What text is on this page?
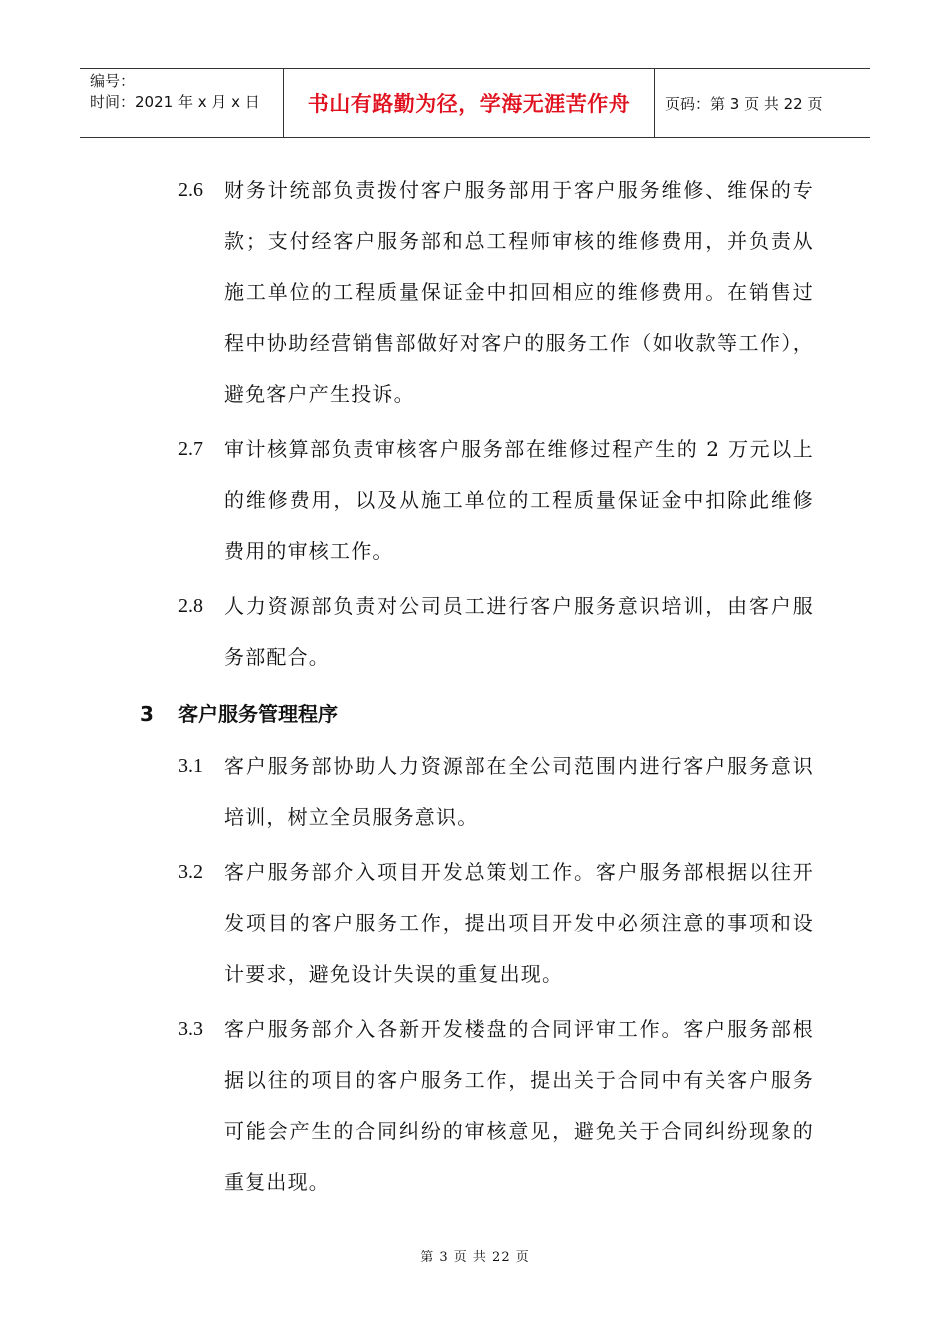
编号：
时间：2021 年 x 月 x 日	书山有路勤为径，学海无涯苦作舟	页码：第 3 页 共 22 页
2.6 财务计统部负责拨付客户服务部用于客户服务维修、维保的专款；支付经客户服务部和总工程师审核的维修费用，并负责从施工单位的工程质量保证金中扣回相应的维修费用。在销售过程中协助经营销售部做好对客户的服务工作（如收款等工作），避免客户产生投诉。
2.7 审计核算部负责审核客户服务部在维修过程产生的 2 万元以上的维修费用，以及从施工单位的工程质量保证金中扣除此维修费用的审核工作。
2.8 人力资源部负责对公司员工进行客户服务意识培训，由客户服务部配合。
3 客户服务管理程序
3.1 客户服务部协助人力资源部在全公司范围内进行客户服务意识培训，树立全员服务意识。
3.2 客户服务部介入项目开发总策划工作。客户服务部根据以往开发项目的客户服务工作，提出项目开发中必须注意的事项和设计要求，避免设计失误的重复出现。
3.3 客户服务部介入各新开发楼盘的合同评审工作。客户服务部根据以往的项目的客户服务工作，提出关于合同中有关客户服务可能会产生的合同纠纷的审核意见，避免关于合同纠纷现象的重复出现。
第 3 页 共 22 页
